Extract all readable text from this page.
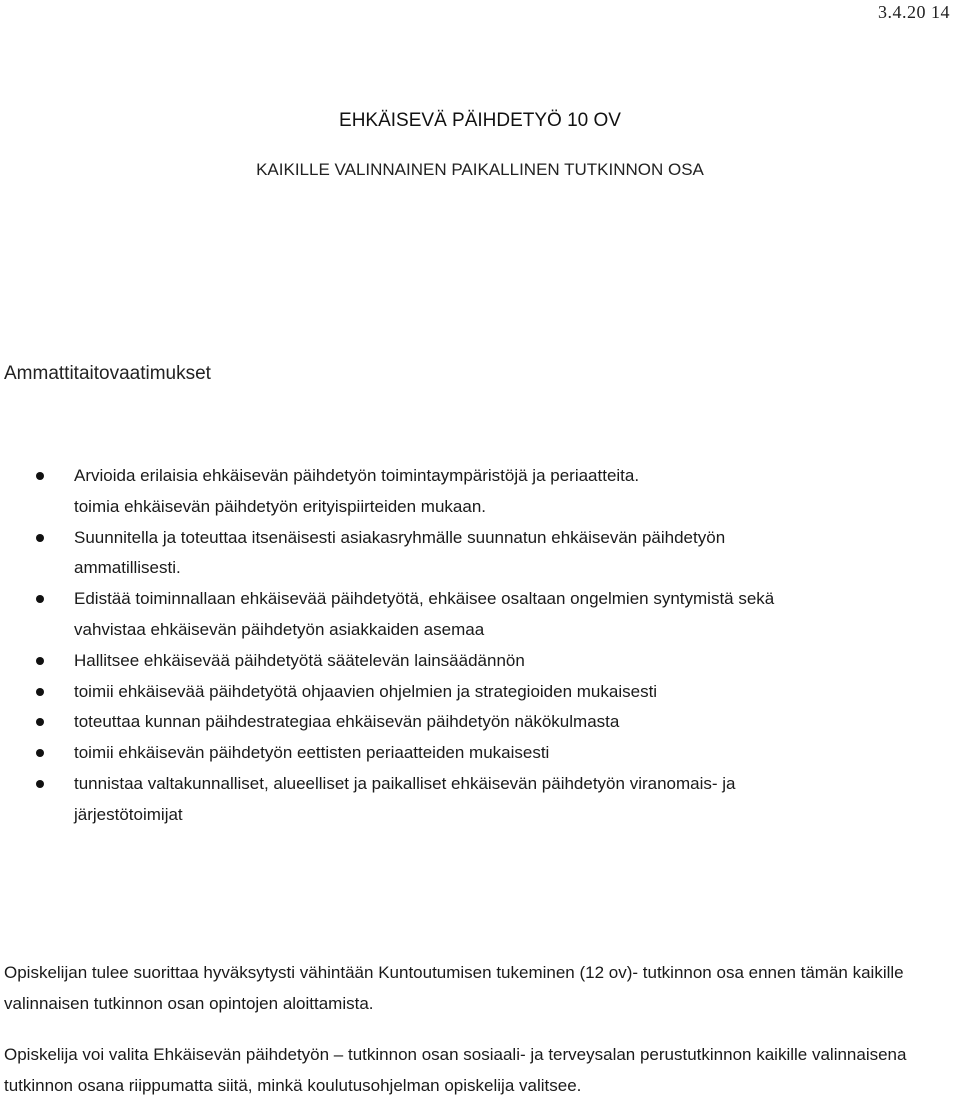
3.4.20 14
EHKÄISEVÄ PÄIHDETYÖ 10 OV
KAIKILLE VALINNAINEN PAIKALLINEN TUTKINNON OSA
Ammattitaitovaatimukset
Arvioida erilaisia ehkäisevän päihdetyön toimintaympäristöjä ja periaatteita.
toimia ehkäisevän päihdetyön erityispiirteiden mukaan.
Suunnitella ja toteuttaa itsenäisesti asiakasryhmälle suunnatun ehkäisevän päihdetyön
ammatillisesti.
Edistää toiminnallaan ehkäisevää päihdetyötä, ehkäisee osaltaan ongelmien syntymistä sekä
vahvistaa ehkäisevän päihdetyön asiakkaiden asemaa
Hallitsee ehkäisevää päihdetyötä säätelevän lainsäädännön
toimii ehkäisevää päihdetyötä ohjaavien ohjelmien ja strategioiden mukaisesti
toteuttaa kunnan päihdestrategiaa ehkäisevän päihdetyön näkökulmasta
toimii ehkäisevän päihdetyön eettisten periaatteiden mukaisesti
tunnistaa valtakunnalliset, alueelliset ja paikalliset ehkäisevän päihdetyön viranomais- ja
järjestötoimijat

Opiskelijan tulee suorittaa hyväksytysti vähintään Kuntoutumisen tukeminen (12 ov)- tutkinnon osa ennen tämän kaikille valinnaisen tutkinnon osan opintojen aloittamista.

Opiskelija voi valita Ehkäisevän päihdetyön – tutkinnon osan sosiaali- ja terveysalan perustutkinnon kaikille valinnaisena tutkinnon osana riippumatta siitä, minkä koulutusohjelman opiskelija valitsee.
